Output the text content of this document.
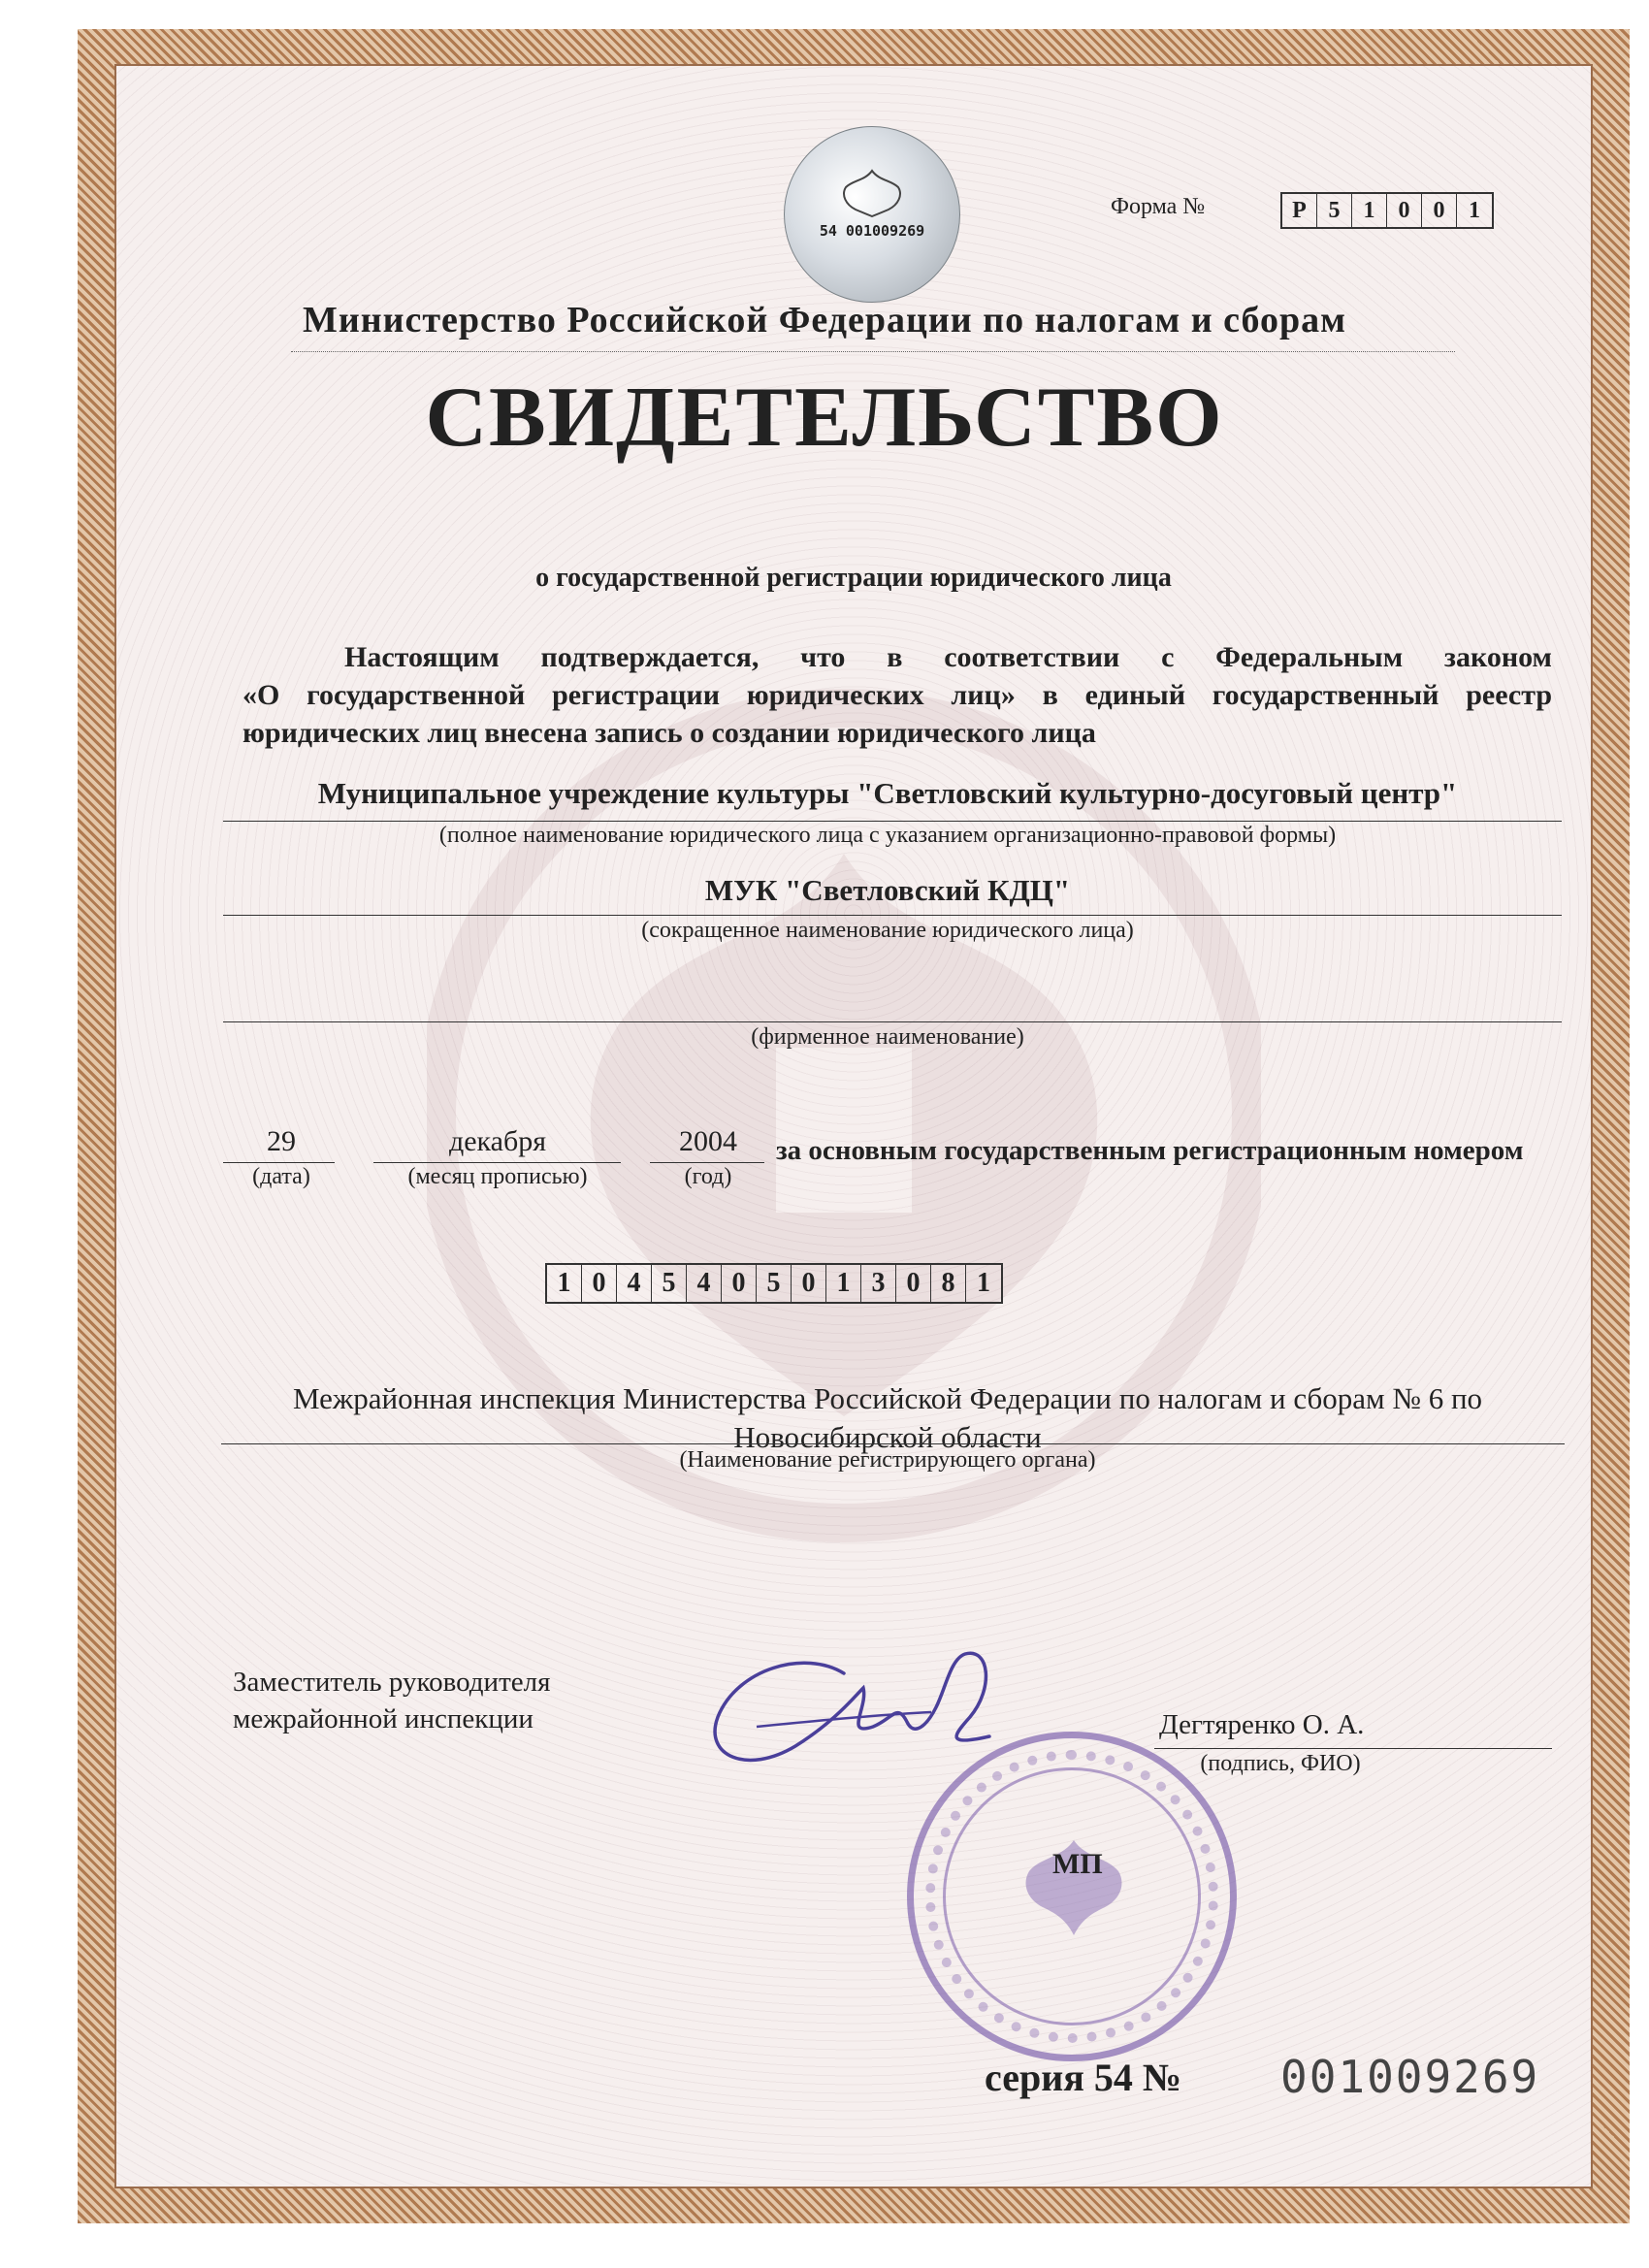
54 001009269
Форма №	Р 5	1	0	0	1
Министерство Российской Федерации по налогам и сборам
СВИДЕТЕЛЬСТВО
о государственной регистрации юридического лица
Настоящим подтверждается, что в соответствии с Федеральным законом
«О государственной регистрации юридических лиц» в единый государственный реестр
юридических лиц внесена запись о создании юридического лица
Муниципальное учреждение культуры "Светловский культурно-досуговый центр"
(полное наименование юридического лица с указанием организационно-правовой формы)
МУК "Светловский КДЦ"
(сокращенное наименование юридического лица)
(фирменное наименование)
29
(дата)
декабря
(месяц прописью)
2004
(год)
за основным государственным регистрационным номером
1 0 4 5 4 0 5 0 1 3 0 8 1
Межрайонная инспекция Министерства Российской Федерации по налогам и сборам № 6 по
Новосибирской области
(Наименование регистрирующего органа)
Заместитель руководителя
межрайонной инспекции	Дегтяренко О. А.
(подпись, ФИО)
МП
серия 54 № 001009269
